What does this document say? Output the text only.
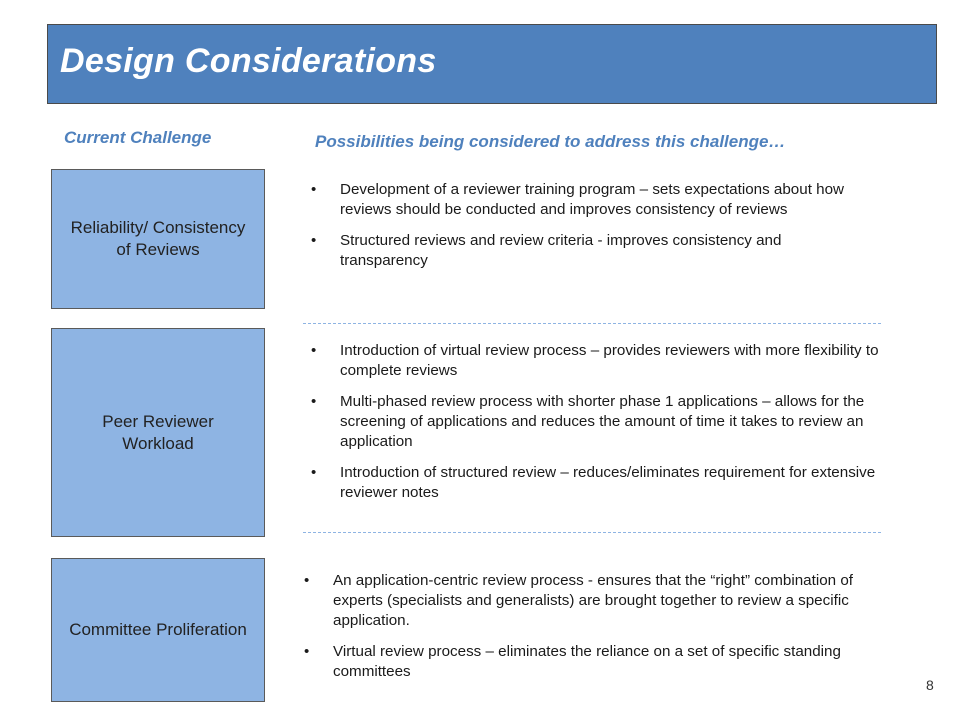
Design Considerations
Current Challenge	Possibilities being considered to address this challenge…
Reliability/ Consistency of Reviews
• Development of a reviewer training program – sets expectations about how reviews should be conducted and improves consistency of reviews
• Structured reviews and review criteria - improves consistency and transparency
Peer Reviewer Workload
• Introduction of virtual review process – provides reviewers with more flexibility to complete reviews
• Multi-phased review process with shorter phase 1 applications – allows for the screening of applications and reduces the amount of time it takes to review an application
• Introduction of structured review – reduces/eliminates requirement for extensive reviewer notes
Committee Proliferation
• An application-centric review process - ensures that the “right” combination of experts (specialists and generalists) are brought together to review a specific application.
• Virtual review process – eliminates the reliance on a set of specific standing committees
8
